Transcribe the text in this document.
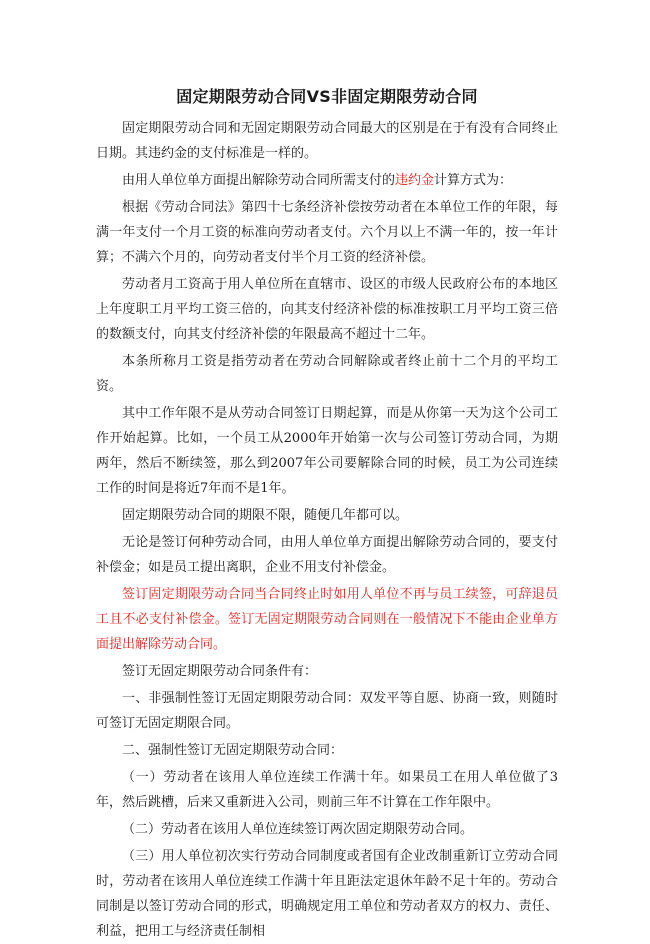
固定期限劳动合同VS非固定期限劳动合同

固定期限劳动合同和无固定期限劳动合同最大的区别是在于有没有合同终止日期。其违约金的支付标准是一样的。

由用人单位单方面提出解除劳动合同所需支付的违约金计算方式为：

根据《劳动合同法》第四十七条经济补偿按劳动者在本单位工作的年限，每满一年支付一个月工资的标准向劳动者支付。六个月以上不满一年的，按一年计算；不满六个月的，向劳动者支付半个月工资的经济补偿。

劳动者月工资高于用人单位所在直辖市、设区的市级人民政府公布的本地区上年度职工月平均工资三倍的，向其支付经济补偿的标准按职工月平均工资三倍的数额支付，向其支付经济补偿的年限最高不超过十二年。

本条所称月工资是指劳动者在劳动合同解除或者终止前十二个月的平均工资。

其中工作年限不是从劳动合同签订日期起算，而是从你第一天为这个公司工作开始起算。比如，一个员工从2000年开始第一次与公司签订劳动合同，为期两年，然后不断续签，那么到2007年公司要解除合同的时候，员工为公司连续工作的时间是将近7年而不是1年。

固定期限劳动合同的期限不限，随便几年都可以。

无论是签订何种劳动合同，由用人单位单方面提出解除劳动合同的，要支付补偿金；如是员工提出离职，企业不用支付补偿金。

签订固定期限劳动合同当合同终止时如用人单位不再与员工续签，可辞退员工且不必支付补偿金。签订无固定期限劳动合同则在一般情况下不能由企业单方面提出解除劳动合同。

签订无固定期限劳动合同条件有：

一、非强制性签订无固定期限劳动合同：双发平等自愿、协商一致，则随时可签订无固定期限合同。

二、强制性签订无固定期限劳动合同：

（一）劳动者在该用人单位连续工作满十年。如果员工在用人单位做了3年，然后跳槽，后来又重新进入公司，则前三年不计算在工作年限中。

（二）劳动者在该用人单位连续签订两次固定期限劳动合同。

（三）用人单位初次实行劳动合同制度或者国有企业改制重新订立劳动合同时，劳动者在该用人单位连续工作满十年且距法定退休年龄不足十年的。劳动合同制是以签订劳动合同的形式，明确规定用工单位和劳动者双方的权力、责任、利益，把用工与经济责任制相
